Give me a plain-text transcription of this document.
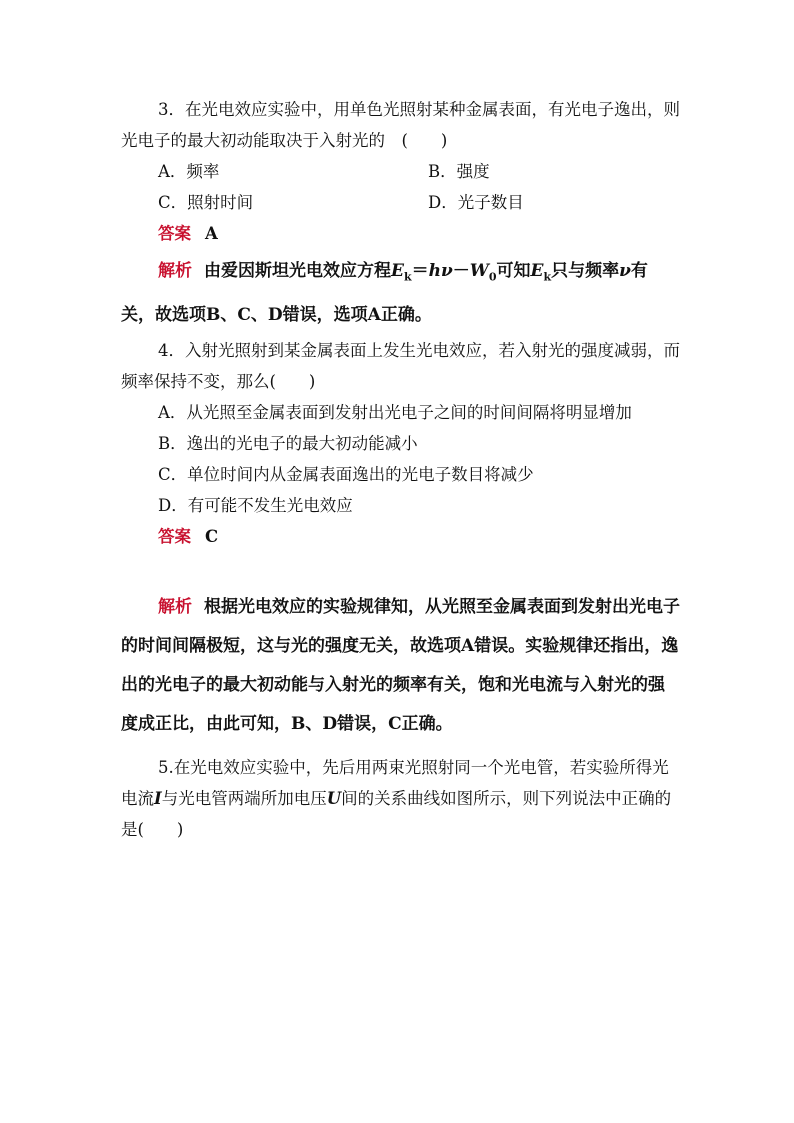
3．在光电效应实验中，用单色光照射某种金属表面，有光电子逸出，则光电子的最大初动能取决于入射光的　(　　)
A．频率	B．强度
C．照射时间	D．光子数目
答案 A
解析 由爱因斯坦光电效应方程$E_k=h\nu-W_0$可知$E_k$只与频率ν有关，故选项B、C、D错误，选项A正确。
4．入射光照射到某金属表面上发生光电效应，若入射光的强度减弱，而频率保持不变，那么(　　)
A．从光照至金属表面到发射出光电子之间的时间间隔将明显增加
B．逸出的光电子的最大初动能减小
C．单位时间内从金属表面逸出的光电子数目将减少
D．有可能不发生光电效应
答案 C
解析 根据光电效应的实验规律知，从光照至金属表面到发射出光电子的时间间隔极短，这与光的强度无关，故选项A错误。实验规律还指出，逸出的光电子的最大初动能与入射光的频率有关，饱和光电流与入射光的强度成正比，由此可知，B、D错误，C正确。
5.在光电效应实验中，先后用两束光照射同一个光电管，若实验所得光电流I与光电管两端所加电压U间的关系曲线如图所示，则下列说法中正确的是(　　)
